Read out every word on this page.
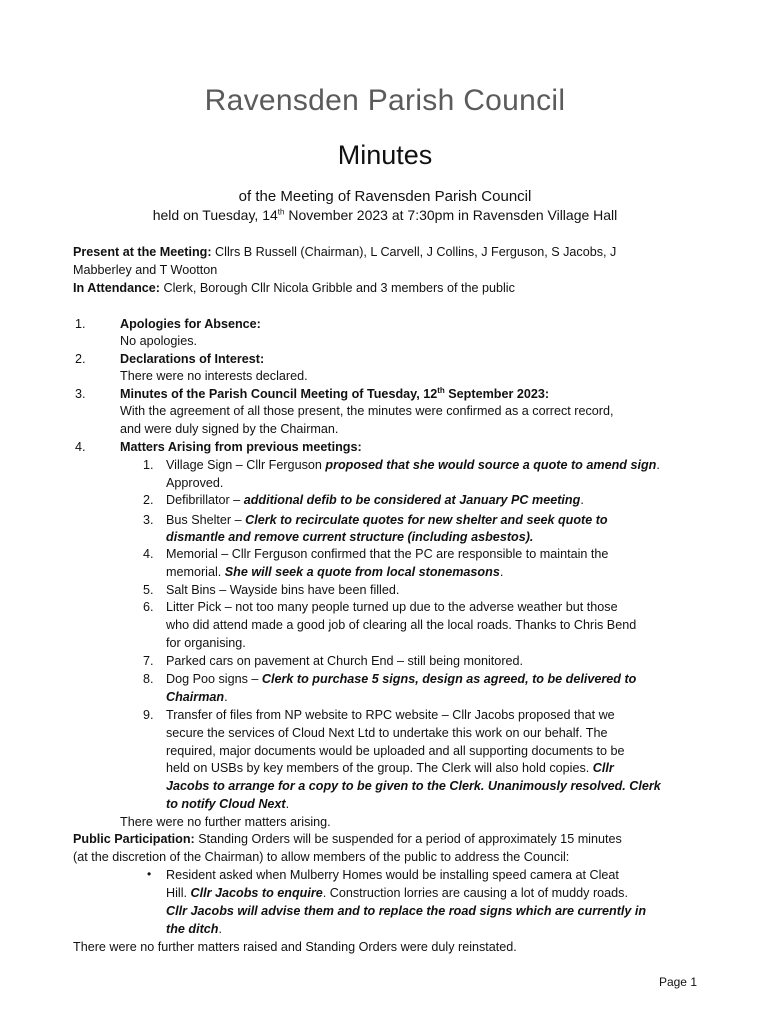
Ravensden Parish Council
Minutes
of the Meeting of Ravensden Parish Council
held on Tuesday, 14th November 2023 at 7:30pm in Ravensden Village Hall
Present at the Meeting: Cllrs B Russell (Chairman), L Carvell, J Collins, J Ferguson, S Jacobs, J
Mabberley and T Wootton
In Attendance: Clerk, Borough Cllr Nicola Gribble and 3 members of the public
1.	Apologies for Absence:
No apologies.
2.	Declarations of Interest:
There were no interests declared.
3.	Minutes of the Parish Council Meeting of Tuesday, 12th September 2023:
With the agreement of all those present, the minutes were confirmed as a correct record,
and were duly signed by the Chairman.
4.	Matters Arising from previous meetings:
1. Village Sign – Cllr Ferguson proposed that she would source a quote to amend sign.
Approved.
2. Defibrillator – additional defib to be considered at January PC meeting.
3. Bus Shelter – Clerk to recirculate quotes for new shelter and seek quote to
dismantle and remove current structure (including asbestos).
4. Memorial – Cllr Ferguson confirmed that the PC are responsible to maintain the
memorial. She will seek a quote from local stonemasons.
5. Salt Bins – Wayside bins have been filled.
6. Litter Pick – not too many people turned up due to the adverse weather but those
who did attend made a good job of clearing all the local roads. Thanks to Chris Bend
for organising.
7. Parked cars on pavement at Church End – still being monitored.
8. Dog Poo signs – Clerk to purchase 5 signs, design as agreed, to be delivered to
Chairman.
9. Transfer of files from NP website to RPC website – Cllr Jacobs proposed that we
secure the services of Cloud Next Ltd to undertake this work on our behalf. The
required, major documents would be uploaded and all supporting documents to be
held on USBs by key members of the group. The Clerk will also hold copies. Cllr
Jacobs to arrange for a copy to be given to the Clerk. Unanimously resolved. Clerk
to notify Cloud Next.
There were no further matters arising.
Public Participation: Standing Orders will be suspended for a period of approximately 15 minutes
(at the discretion of the Chairman) to allow members of the public to address the Council:
• Resident asked when Mulberry Homes would be installing speed camera at Cleat
Hill. Cllr Jacobs to enquire. Construction lorries are causing a lot of muddy roads.
Cllr Jacobs will advise them and to replace the road signs which are currently in
the ditch.
There were no further matters raised and Standing Orders were duly reinstated.
Page 1
